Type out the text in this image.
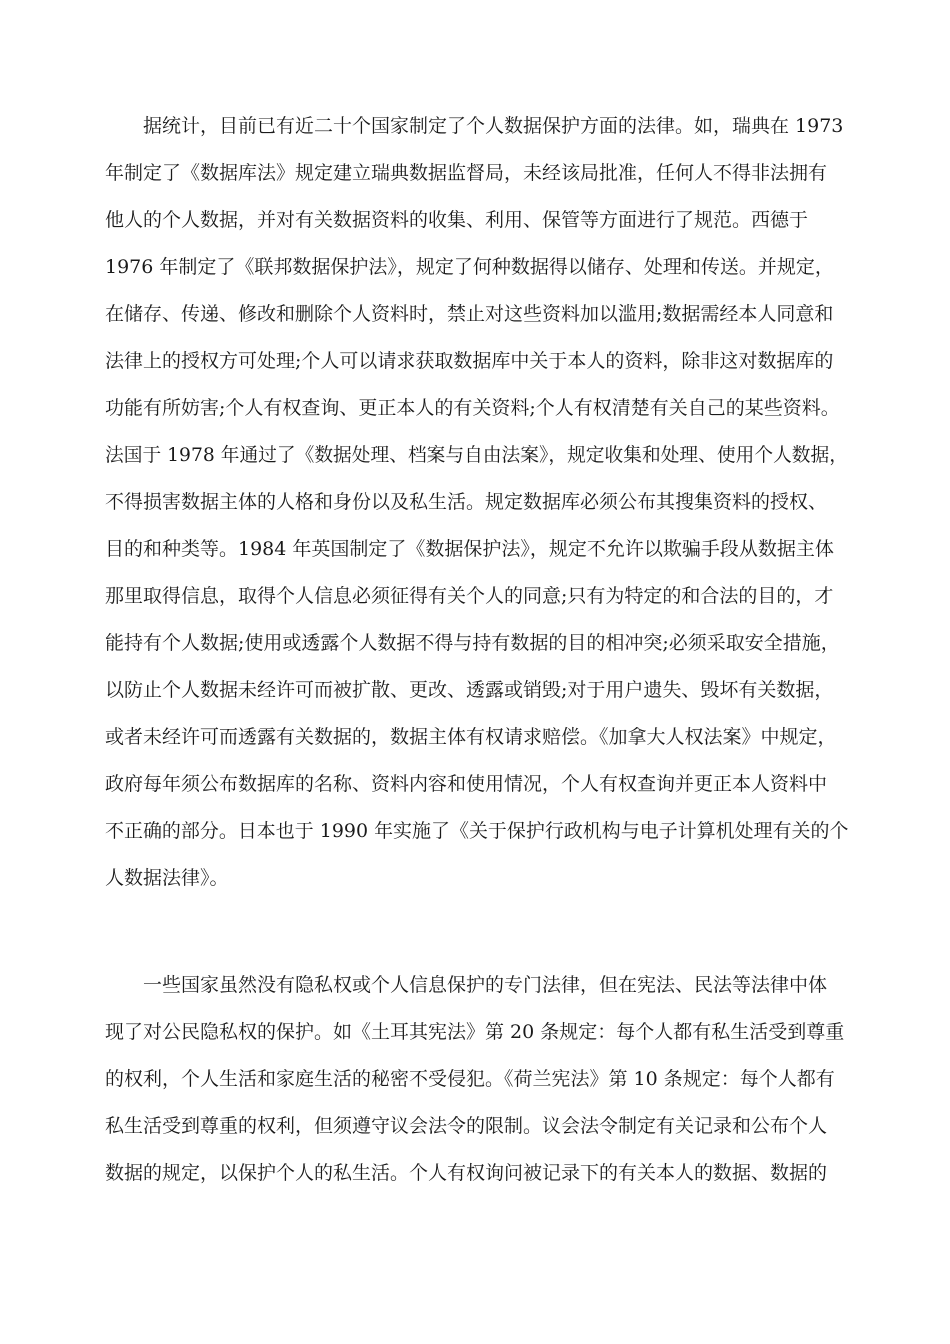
据统计，目前已有近二十个国家制定了个人数据保护方面的法律。如，瑞典在 1973
年制定了《数据库法》规定建立瑞典数据监督局，未经该局批准，任何人不得非法拥有
他人的个人数据，并对有关数据资料的收集、利用、保管等方面进行了规范。西德于
1976 年制定了《联邦数据保护法》，规定了何种数据得以储存、处理和传送。并规定，
在储存、传递、修改和删除个人资料时，禁止对这些资料加以滥用;数据需经本人同意和
法律上的授权方可处理;个人可以请求获取数据库中关于本人的资料，除非这对数据库的
功能有所妨害;个人有权查询、更正本人的有关资料;个人有权清楚有关自己的某些资料。
法国于 1978 年通过了《数据处理、档案与自由法案》，规定收集和处理、使用个人数据，
不得损害数据主体的人格和身份以及私生活。规定数据库必须公布其搜集资料的授权、
目的和种类等。1984 年英国制定了《数据保护法》，规定不允许以欺骗手段从数据主体
那里取得信息，取得个人信息必须征得有关个人的同意;只有为特定的和合法的目的，才
能持有个人数据;使用或透露个人数据不得与持有数据的目的相冲突;必须采取安全措施，
以防止个人数据未经许可而被扩散、更改、透露或销毁;对于用户遗失、毁坏有关数据，
或者未经许可而透露有关数据的，数据主体有权请求赔偿。《加拿大人权法案》中规定，
政府每年须公布数据库的名称、资料内容和使用情况，个人有权查询并更正本人资料中
不正确的部分。日本也于 1990 年实施了《关于保护行政机构与电子计算机处理有关的个
人数据法律》。
一些国家虽然没有隐私权或个人信息保护的专门法律，但在宪法、民法等法律中体
现了对公民隐私权的保护。如《土耳其宪法》第 20 条规定：每个人都有私生活受到尊重
的权利，个人生活和家庭生活的秘密不受侵犯。《荷兰宪法》第 10 条规定：每个人都有
私生活受到尊重的权利，但须遵守议会法令的限制。议会法令制定有关记录和公布个人
数据的规定，以保护个人的私生活。个人有权询问被记录下的有关本人的数据、数据的
